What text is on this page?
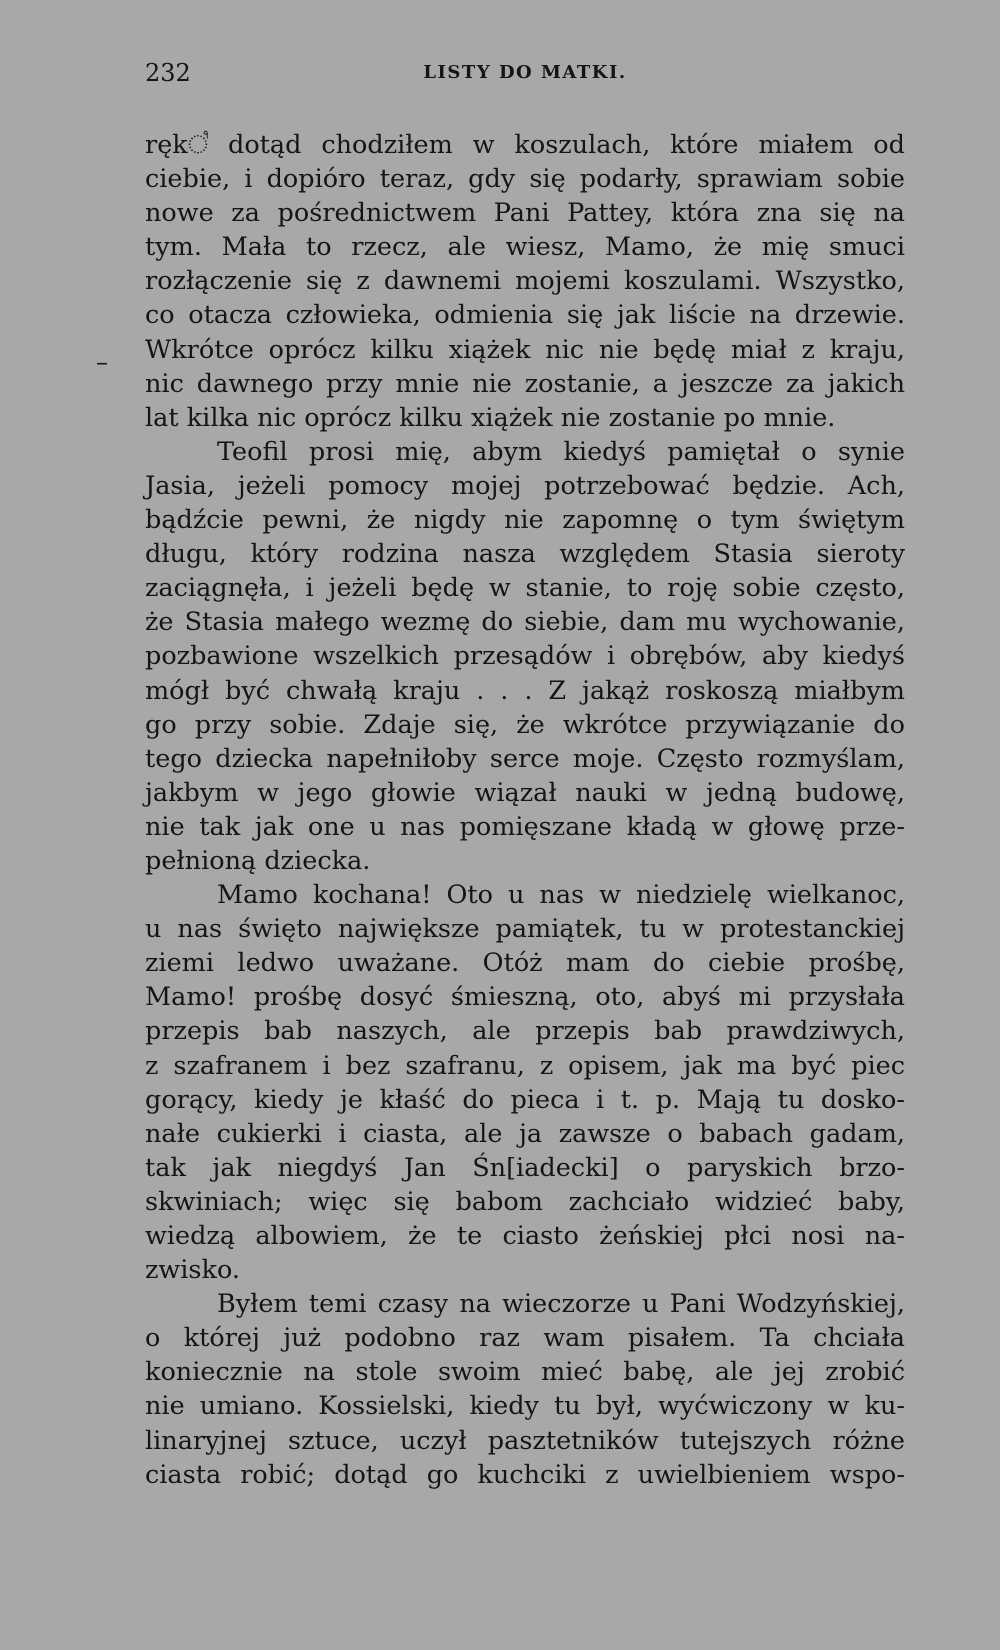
232	LISTY DO MATKI.
–
ręk꣡ dotąd chodziłem w koszulach, które miałem od
ciebie, i dopióro teraz, gdy się podarły, sprawiam sobie
nowe za pośrednictwem Pani Pattey, która zna się na
tym. Mała to rzecz, ale wiesz, Mamo, że mię smuci
rozłączenie się z dawnemi mojemi koszulami. Wszystko,
co otacza człowieka, odmienia się jak liście na drzewie.
Wkrótce oprócz kilku xiążek nic nie będę miał z kraju,
nic dawnego przy mnie nie zostanie, a jeszcze za jakich
lat kilka nic oprócz kilku xiążek nie zostanie po mnie.
Teofil prosi mię, abym kiedyś pamiętał o synie
Jasia, jeżeli pomocy mojej potrzebować będzie. Ach,
bądźcie pewni, że nigdy nie zapomnę o tym świętym
długu, który rodzina nasza względem Stasia sieroty
zaciągnęła, i jeżeli będę w stanie, to roję sobie często,
że Stasia małego wezmę do siebie, dam mu wychowanie,
pozbawione wszelkich przesądów i obrębów, aby kiedyś
mógł być chwałą kraju . . . Z jakąż roskoszą miałbym
go przy sobie. Zdaje się, że wkrótce przywiązanie do
tego dziecka napełniłoby serce moje. Często rozmyślam,
jakbym w jego głowie wiązał nauki w jedną budowę,
nie tak jak one u nas pomięszane kładą w głowę prze-
pełnioną dziecka.
Mamo kochana! Oto u nas w niedzielę wielkanoc,
u nas święto największe pamiątek, tu w protestanckiej
ziemi ledwo uważane. Otóż mam do ciebie prośbę,
Mamo! prośbę dosyć śmieszną, oto, abyś mi przysłała
przepis bab naszych, ale przepis bab prawdziwych,
z szafranem i bez szafranu, z opisem, jak ma być piec
gorący, kiedy je kłaść do pieca i t. p. Mają tu dosko-
nałe cukierki i ciasta, ale ja zawsze o babach gadam,
tak jak niegdyś Jan Śn[iadecki] o paryskich brzo-
skwiniach; więc się babom zachciało widzieć baby,
wiedzą albowiem, że te ciasto żeńskiej płci nosi na-
zwisko.
Byłem temi czasy na wieczorze u Pani Wodzyńskiej,
o której już podobno raz wam pisałem. Ta chciała
koniecznie na stole swoim mieć babę, ale jej zrobić
nie umiano. Kossielski, kiedy tu był, wyćwiczony w ku-
linaryjnej sztuce, uczył pasztetników tutejszych różne
ciasta robić; dotąd go kuchciki z uwielbieniem wspo-
